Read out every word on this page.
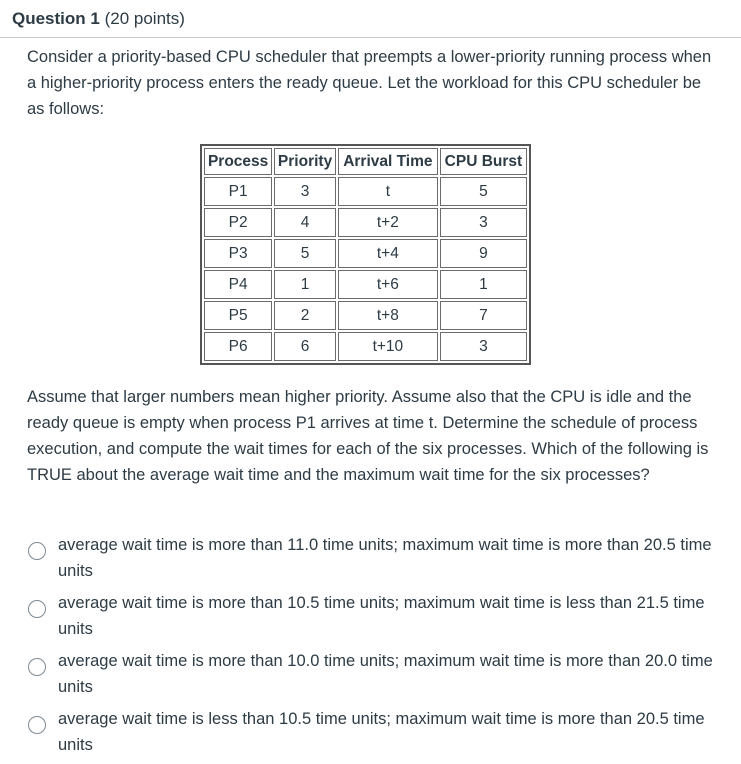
Question 1 (20 points)
Consider a priority-based CPU scheduler that preempts a lower-priority running process when a higher-priority process enters the ready queue. Let the workload for this CPU scheduler be as follows:
Process	Priority	Arrival Time	CPU Burst
P1	3	t	5
P2	4	t+2	3
P3	5	t+4	9
P4	1	t+6	1
P5	2	t+8	7
P6	6	t+10	3
Assume that larger numbers mean higher priority. Assume also that the CPU is idle and the ready queue is empty when process P1 arrives at time t. Determine the schedule of process execution, and compute the wait times for each of the six processes. Which of the following is TRUE about the average wait time and the maximum wait time for the six processes?
average wait time is more than 11.0 time units; maximum wait time is more than 20.5 time units
average wait time is more than 10.5 time units; maximum wait time is less than 21.5 time units
average wait time is more than 10.0 time units; maximum wait time is more than 20.0 time units
average wait time is less than 10.5 time units; maximum wait time is more than 20.5 time units
